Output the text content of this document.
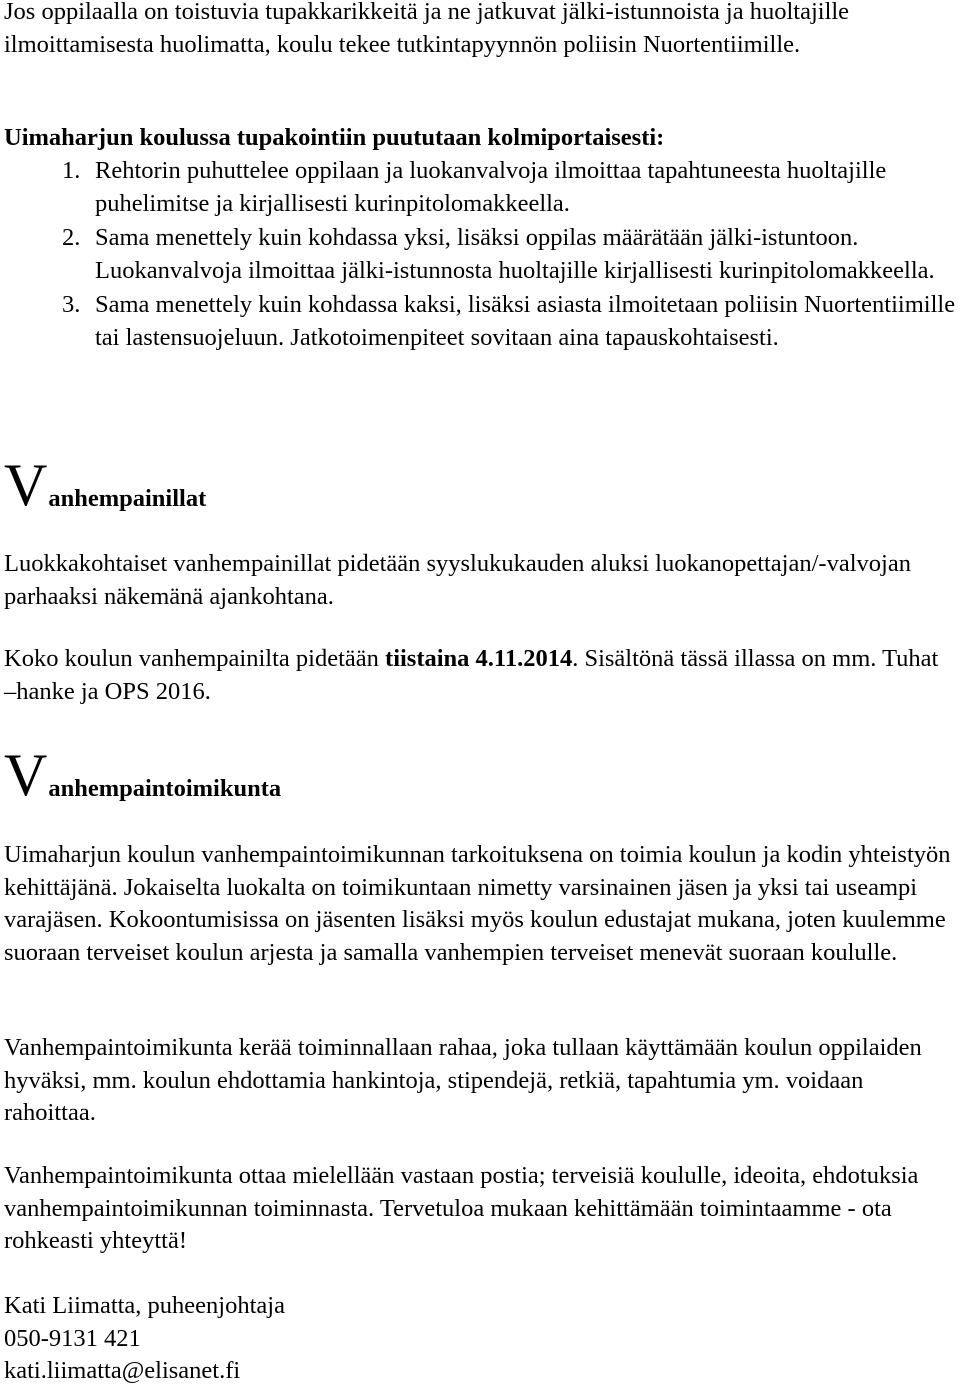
Jos oppilaalla on toistuvia tupakkarikkeitä ja ne jatkuvat jälki-istunnoista ja huoltajille ilmoittamisesta huolimatta, koulu tekee tutkintapyynnön poliisin Nuortentiimille.

Uimaharjun koulussa tupakointiin puututaan kolmiportaisesti:

1. Rehtorin puhuttelee oppilaan ja luokanvalvoja ilmoittaa tapahtuneesta huoltajille puhelimitse ja kirjallisesti kurinpitolomakkeella.
2. Sama menettely kuin kohdassa yksi, lisäksi oppilas määrätään jälki-istuntoon. Luokanvalvoja ilmoittaa jälki-istunnosta huoltajille kirjallisesti kurinpitolomakkeella.
3. Sama menettely kuin kohdassa kaksi, lisäksi asiasta ilmoitetaan poliisin Nuortentiimille tai lastensuojeluun. Jatkotoimenpiteet sovitaan aina tapauskohtaisesti.
V anhempainillat

Luokkakohtaiset vanhempainillat pidetään syyslukukauden aluksi luokanopettajan/-valvojan parhaaksi näkemänä ajankohtana.

Koko koulun vanhempainilta pidetään tiistaina 4.11.2014. Sisältönä tässä illassa on mm. Tuhat –hanke ja OPS 2016.

V anhempaintoimikunta

Uimaharjun koulun vanhempaintoimikunnan tarkoituksena on toimia koulun ja kodin yhteistyön kehittäjänä. Jokaiselta luokalta on toimikuntaan nimetty varsinainen jäsen ja yksi tai useampi varajäsen. Kokoontumisissa on jäsenten lisäksi myös koulun edustajat mukana, joten kuulemme suoraan terveiset koulun arjesta ja samalla vanhempien terveiset menevät suoraan koululle.

Vanhempaintoimikunta kerää toiminnallaan rahaa, joka tullaan käyttämään koulun oppilaiden hyväksi, mm. koulun ehdottamia hankintoja, stipendejä, retkiä, tapahtumia ym. voidaan rahoittaa.

Vanhempaintoimikunta ottaa mielellään vastaan postia; terveisiä koululle, ideoita, ehdotuksia vanhempaintoimikunnan toiminnasta. Tervetuloa mukaan kehittämään toimintaamme - ota rohkeasti yhteyttä!

Kati Liimatta, puheenjohtaja
050-9131 421
kati.liimatta@elisanet.fi
